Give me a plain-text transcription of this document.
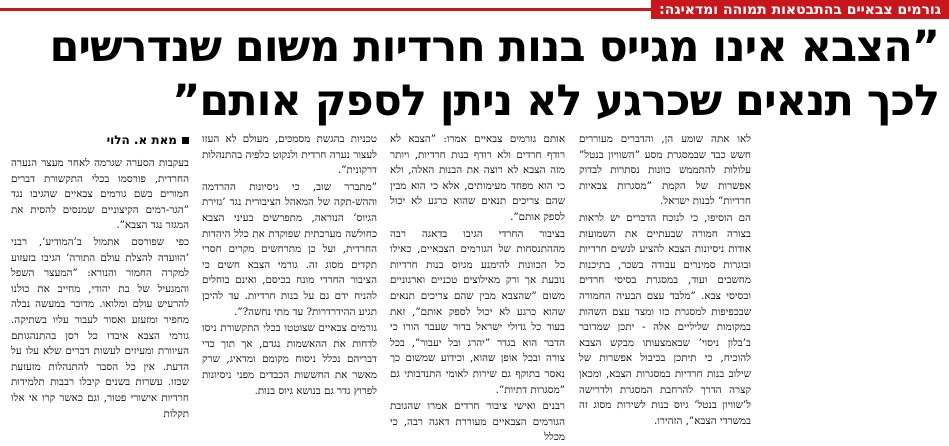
גורמים צבאיים בהתבטאות תמוהה ומדאיגה:
”הצבא אינו מגייס בנות חרדיות משום שנדרשים
לכך תנאים שכרגע לא ניתן לספק אותם”
מאת א. הלוי

בעקבות הסערה שגרמה לאחר מעצר הנערה החרדית, פורסמו בכלי התקשורת דברים חמורים בשם גורמים צבאיים שהגיבו נגד ”הגר-רמים הקיצוניים שמנסים להסית את המגזר נגד הצבא”.

כפי שפורסם אתמול ב’המודיע’, רבני ’הוועדה להצלת עולם התורה’ הגיבו בזעזוע למקרה החמור והנורא: ”המעצר השפל והמגעיל של בת יהודי, מחייב את כולנו להרעיש עולם ומלואו. מדובר במעשה נבלה מחפיר ומזעזע ואסור לעבור עליו בשתיקה. גורמי הצבא איבדו כל רסן בהתנהגותם העיוורת ומעיזים לעשות דברים שלא עלו על הדעת. אין כל הסבר להתנהלות מזעזעת שכזו. עשרות בשנים קיבלו רבבות תלמידות חרדיות אישורי פטור, וגם כאשר קרו אי אלו תקלות

טכניות בהגשת מסמכים, מעולם לא העזו לעצור נערה חרדית ולנקוט כלפיה בהתנהלות דרקונית”.

”מתברר שוב, כי ניסיונות ההרדמה וההש-תקה של המאהל הציבורית נגד ’גזירת הגיוס’ הנוראה, מתפרשים בעיני הצבא כחולשה מערכתית שפוקדת את כלל היהדות החרדית, ועל כן מתרחשים מקרים חסרי תקדים מסוג זה. גורמי הצבא חשים כי הציבור החרדי מונח בכיסם, ואינם בוחלים להניח ידם גם על בנות חרדיות. עד להיכן תגיע ההידרדרות? עד מתי נחשה?”.

גורמים צבאיים שצוטטו בכלי התקשורת ניסו לדחות את ההאשמות נגדם, אך תוך כדי דבריהם נכלל ניסוח מקומם ומדאיג, שרק מאשר את החששות הכבדים מפני ניסיונות לפרוץ גדר גם בנושא גיוס בנות.

אותם גורמים צבאיים אמרו: ”הצבא לא רודף חרדים ולא רודף בנות חרדיות, ויותר מזה הצבא לא רוצה את הבנות האלה, ולא כי הוא מפחד מעימותים, אלא כי הוא מבין שהם צריכים תנאים שהוא כרגע לא יכול לספק אותם”.

בציבור החרדי הגיבו בדאגה רבה מההתנסחות של הגורמים הצבאיים, כאילו כל הכוונות להימנע מגיוס בנות חרדיות נובעת אך ורק מאילוצים טכניים וארגוניים משום ”שהצבא מבין שהם צריכים תנאים שהוא כרגע לא יכול לספק אותם”, זאת בעוד כל גדולי ישראל בדור שעבר הורו כי הדבר הוא בגדר ”יהרג ובל יעבור”, בכל צורה ובכל אופן שהוא, וכידוע שמשום כך נאסר בתוקף גם שירות לאומי התנדבותי גם ”מסגרות דתיות”.

רבנים ואישי ציבור חרדים אמרו שהגובת הגורמים הצבאיים מעוררת דאגה רבה, כי מכלל

לאו אתה שומע הן, והדברים מעוררים חשש כבד שבמסגרת מסע ”השוויון בנטל” עלולות להתממש כוונות נסתרות לבדוק אפשרות של הקמת ”מסגרות צבאיות חרדיות” לבנות ישראל.

הם הוסיפו, כי לנוכח הדברים יש לראות בצורה חמורה שבעתיים את השמועות אודות ניסיונות הצבא להציע לנשים חרדיות ובוגרות סמינרים עבודה בשכר, בתיכנות מחשבים ועוד, במסגרת בסיסי חרדים ובסיסי צבא. ”מלבד עצם הבעיה החמורה שבכפיפות למסגרת כזו ומצד עצם השהות במקומות שליליים אלה - יתכן שמדובר ב’בלון ניסוי’ שבאמצעותו מבקש הצבא להוכיח, כי תיתכן בכיבול אפשרות של שילוב בנות חרדיות במסגרות הצבא, ומכאן קצרה הדרך להרחבת המסגרת ולדרישה ל’שוויון בנטל’ גיוס בנות לשירות מסוג זה במשרדי הצבא”, הזהירו.
